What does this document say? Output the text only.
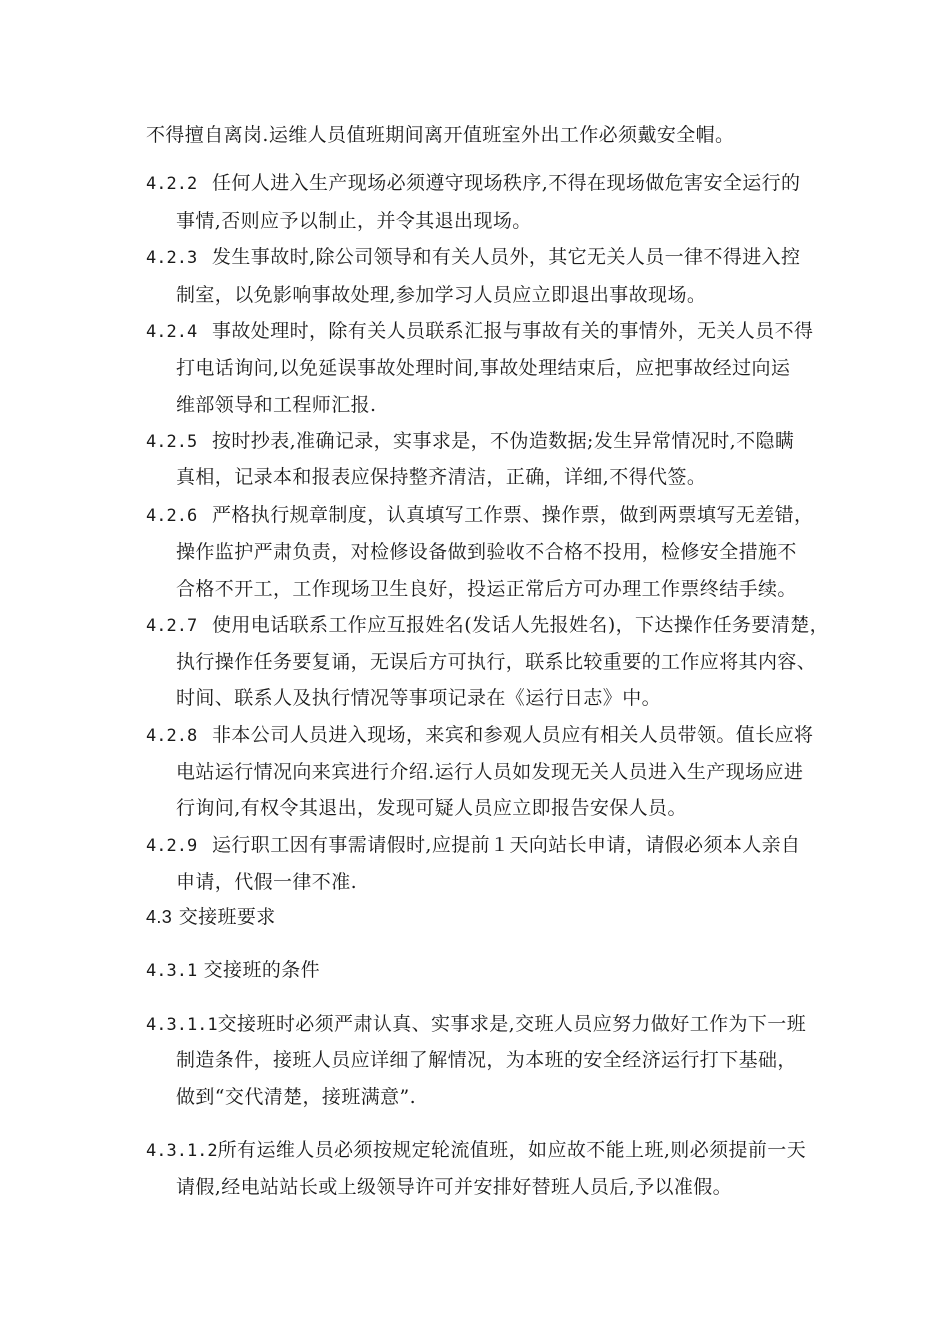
不得擅自离岗.运维人员值班期间离开值班室外出工作必须戴安全帽。
4.2.2 任何人进入生产现场必须遵守现场秩序,不得在现场做危害安全运行的
事情,否则应予以制止，并令其退出现场。
4.2.3 发生事故时,除公司领导和有关人员外，其它无关人员一律不得进入控
制室，以免影响事故处理,参加学习人员应立即退出事故现场。
4.2.4 事故处理时，除有关人员联系汇报与事故有关的事情外，无关人员不得
打电话询问,以免延误事故处理时间,事故处理结束后，应把事故经过向运
维部领导和工程师汇报.
4.2.5 按时抄表,准确记录，实事求是，不伪造数据;发生异常情况时,不隐瞒
真相，记录本和报表应保持整齐清洁，正确，详细,不得代签。
4.2.6 严格执行规章制度，认真填写工作票、操作票，做到两票填写无差错，
操作监护严肃负责，对检修设备做到验收不合格不投用，检修安全措施不
合格不开工，工作现场卫生良好，投运正常后方可办理工作票终结手续。
4.2.7 使用电话联系工作应互报姓名(发话人先报姓名)，下达操作任务要清楚，
执行操作任务要复诵，无误后方可执行，联系比较重要的工作应将其内容、
时间、联系人及执行情况等事项记录在《运行日志》中。
4.2.8 非本公司人员进入现场，来宾和参观人员应有相关人员带领。值长应将
电站运行情况向来宾进行介绍.运行人员如发现无关人员进入生产现场应进
行询问,有权令其退出，发现可疑人员应立即报告安保人员。
4.2.9 运行职工因有事需请假时,应提前１天向站长申请，请假必须本人亲自
申请，代假一律不准.
4.3 交接班要求
4.3.1 交接班的条件
4.3.1.1交接班时必须严肃认真、实事求是,交班人员应努力做好工作为下一班
制造条件，接班人员应详细了解情况，为本班的安全经济运行打下基础，
做到“交代清楚，接班满意”.
4.3.1.2所有运维人员必须按规定轮流值班，如应故不能上班,则必须提前一天
请假,经电站站长或上级领导许可并安排好替班人员后,予以准假。
